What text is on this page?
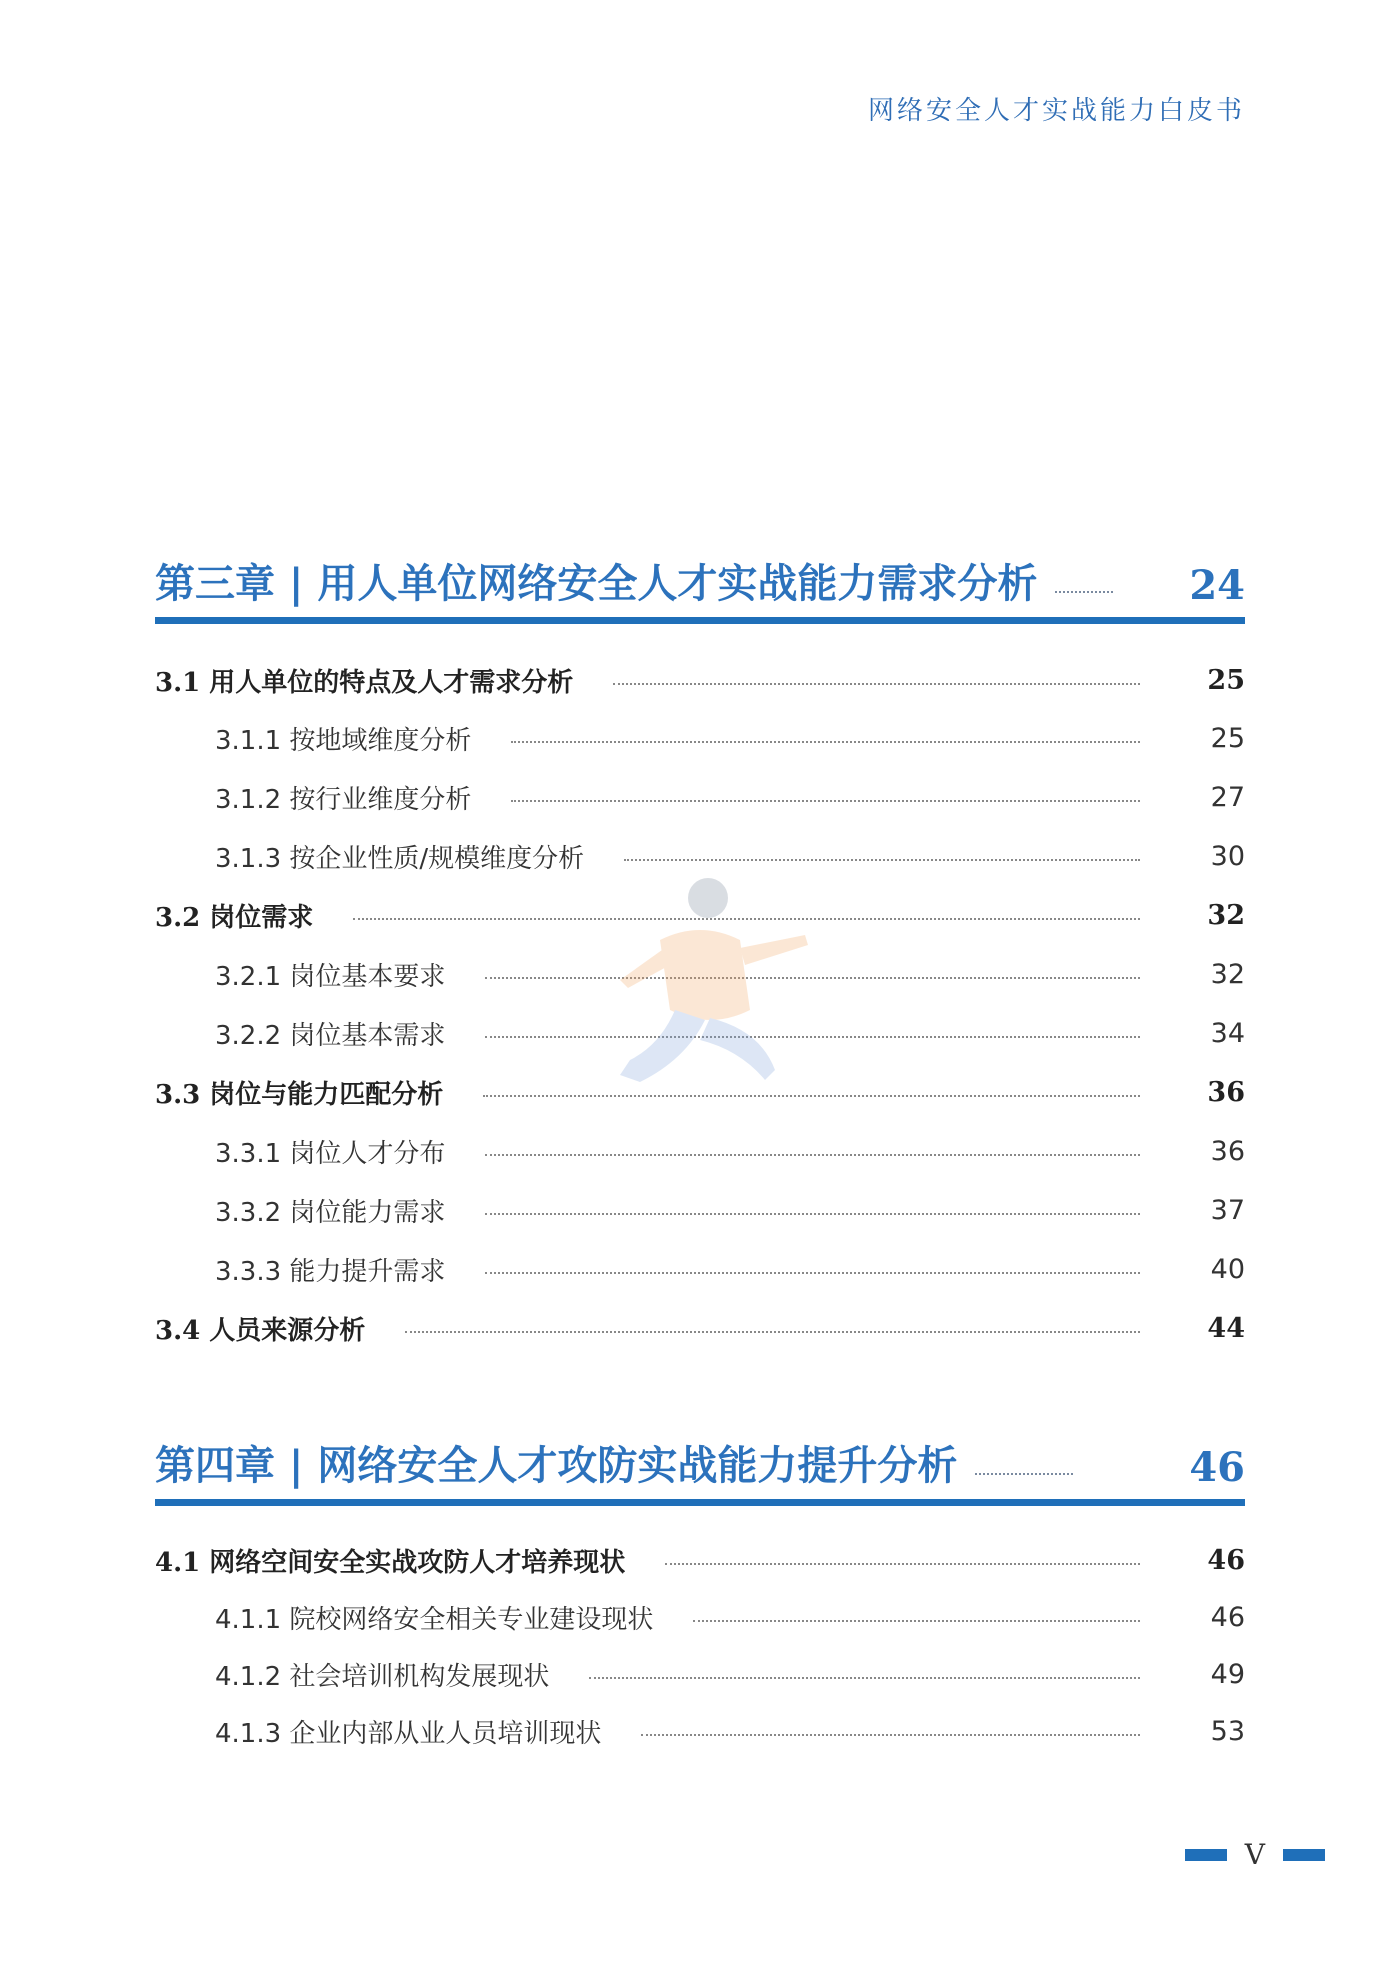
网络安全人才实战能力白皮书
第三章 | 用人单位网络安全人才实战能力需求分析	24
3.1 用人单位的特点及人才需求分析	25
3.1.1 按地域维度分析	25
3.1.2 按行业维度分析	27
3.1.3 按企业性质/规模维度分析	30
3.2 岗位需求	32
3.2.1 岗位基本要求	32
3.2.2 岗位基本需求	34
3.3 岗位与能力匹配分析	36
3.3.1 岗位人才分布	36
3.3.2 岗位能力需求	37
3.3.3 能力提升需求	40
3.4 人员来源分析	44
第四章 | 网络安全人才攻防实战能力提升分析	46
4.1 网络空间安全实战攻防人才培养现状	46
4.1.1 院校网络安全相关专业建设现状	46
4.1.2 社会培训机构发展现状	49
4.1.3 企业内部从业人员培训现状	53
V
